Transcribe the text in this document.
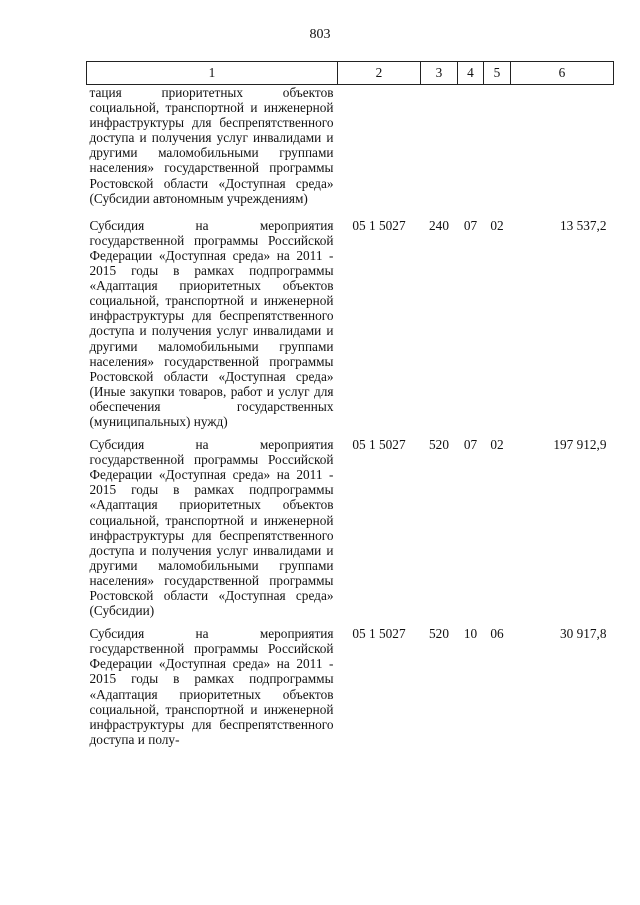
803
1	2	3	4	5	6
тация приоритетных объектов социальной, транспортной и инженерной инфраструктуры для беспрепятственного доступа и получения услуг инвалидами и другими маломобильными группами населения» государственной программы Ростовской области «Доступная среда» (Субсидии автономным учреждениям)					
Субсидия на мероприятия государственной программы Российской Федерации «Доступная среда» на 2011 - 2015 годы в рамках подпрограммы «Адаптация приоритетных объектов социальной, транспортной и инженерной инфраструктуры для беспрепятственного доступа и получения услуг инвалидами и другими маломобильными группами населения» государственной программы Ростовской области «Доступная среда» (Иные закупки товаров, работ и услуг для обеспечения государственных (муниципальных) нужд)	05 1 5027	240	07	02	13 537,2
Субсидия на мероприятия государственной программы Российской Федерации «Доступная среда» на 2011 - 2015 годы в рамках подпрограммы «Адаптация приоритетных объектов социальной, транспортной и инженерной инфраструктуры для беспрепятственного доступа и получения услуг инвалидами и другими маломобильными группами населения» государственной программы Ростовской области «Доступная среда» (Субсидии)	05 1 5027	520	07	02	197 912,9
Субсидия на мероприятия государственной программы Российской Федерации «Доступная среда» на 2011 - 2015 годы в рамках подпрограммы «Адаптация приоритетных объектов социальной, транспортной и инженерной инфраструктуры для беспрепятственного доступа и полу-	05 1 5027	520	10	06	30 917,8
